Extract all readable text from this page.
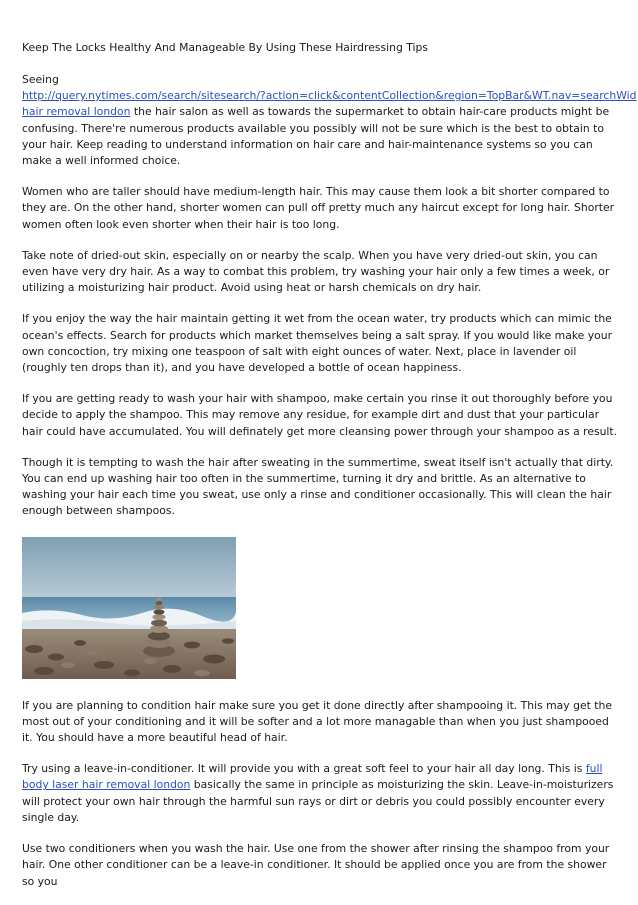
Keep The Locks Healthy And Manageable By Using These Hairdressing Tips

Seeing
http://query.nytimes.com/search/sitesearch/?action=click&contentCollection&region=TopBar&WT.nav=searchWid
hair removal london the hair salon as well as towards the supermarket to obtain hair-care products might be confusing. There're numerous products available you possibly will not be sure which is the best to obtain to your hair. Keep reading to understand information on hair care and hair-maintenance systems so you can make a well informed choice.

Women who are taller should have medium-length hair. This may cause them look a bit shorter compared to they are. On the other hand, shorter women can pull off pretty much any haircut except for long hair. Shorter women often look even shorter when their hair is too long.

Take note of dried-out skin, especially on or nearby the scalp. When you have very dried-out skin, you can even have very dry hair. As a way to combat this problem, try washing your hair only a few times a week, or utilizing a moisturizing hair product. Avoid using heat or harsh chemicals on dry hair.

If you enjoy the way the hair maintain getting it wet from the ocean water, try products which can mimic the ocean's effects. Search for products which market themselves being a salt spray. If you would like make your own concoction, try mixing one teaspoon of salt with eight ounces of water. Next, place in lavender oil (roughly ten drops than it), and you have developed a bottle of ocean happiness.

If you are getting ready to wash your hair with shampoo, make certain you rinse it out thoroughly before you decide to apply the shampoo. This may remove any residue, for example dirt and dust that your particular hair could have accumulated. You will definately get more cleansing power through your shampoo as a result.

Though it is tempting to wash the hair after sweating in the summertime, sweat itself isn't actually that dirty. You can end up washing hair too often in the summertime, turning it dry and brittle. As an alternative to washing your hair each time you sweat, use only a rinse and conditioner occasionally. This will clean the hair enough between shampoos.

If you are planning to condition hair make sure you get it done directly after shampooing it. This may get the most out of your conditioning and it will be softer and a lot more managable than when you just shampooed it. You should have a more beautiful head of hair.

Try using a leave-in-conditioner. It will provide you with a great soft feel to your hair all day long. This is full body laser hair removal london basically the same in principle as moisturizing the skin. Leave-in-moisturizers will protect your own hair through the harmful sun rays or dirt or debris you could possibly encounter every single day.

Use two conditioners when you wash the hair. Use one from the shower after rinsing the shampoo from your hair. One other conditioner can be a leave-in conditioner. It should be applied once you are from the shower so you
